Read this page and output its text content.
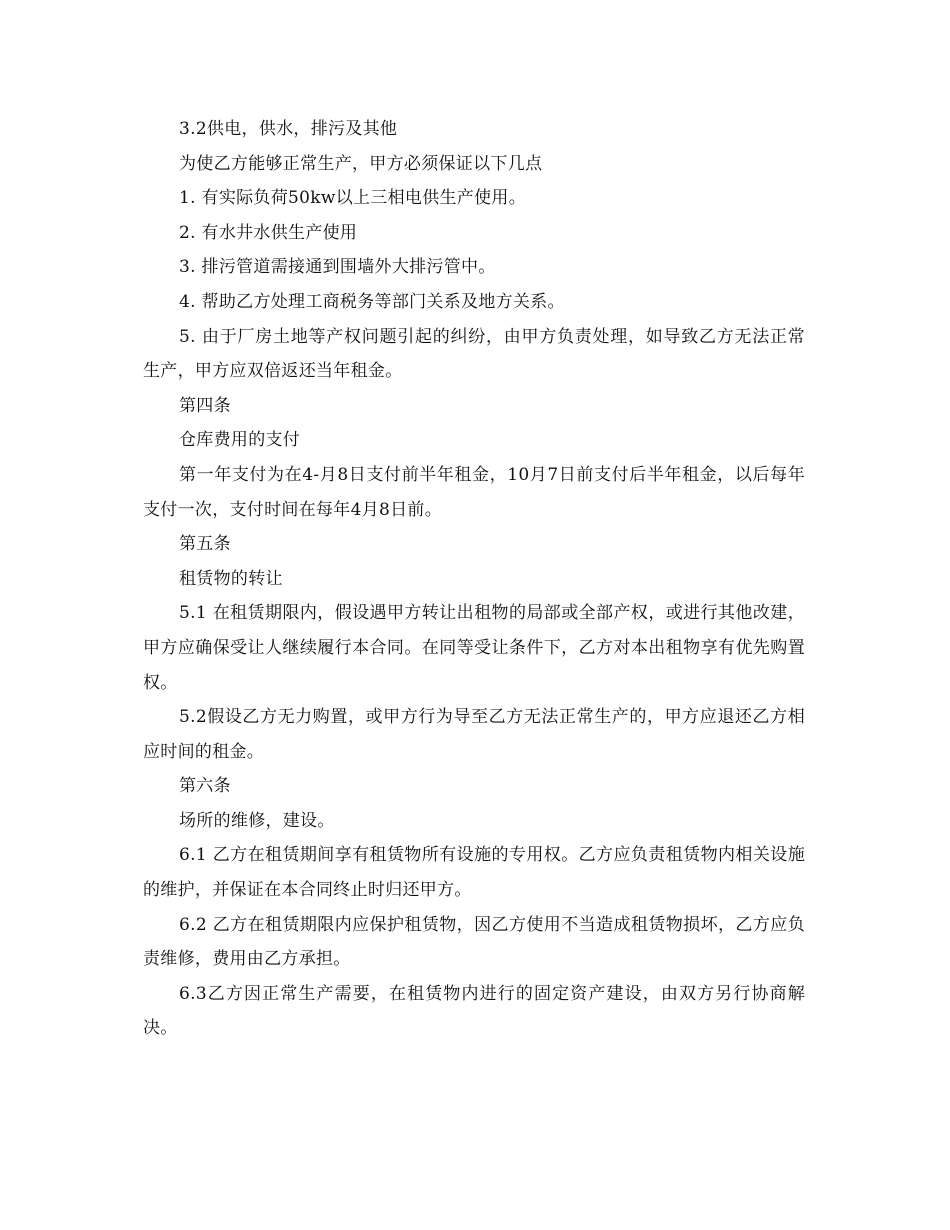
3.2供电，供水，排污及其他

为使乙方能够正常生产，甲方必须保证以下几点

1. 有实际负荷50kw以上三相电供生产使用。

2. 有水井水供生产使用

3. 排污管道需接通到围墙外大排污管中。

4. 帮助乙方处理工商税务等部门关系及地方关系。

5. 由于厂房土地等产权问题引起的纠纷，由甲方负责处理，如导致乙方无法正常生产，甲方应双倍返还当年租金。

第四条

仓库费用的支付

第一年支付为在4-月8日支付前半年租金，10月7日前支付后半年租金，以后每年支付一次，支付时间在每年4月8日前。

第五条

租赁物的转让

5.1 在租赁期限内，假设遇甲方转让出租物的局部或全部产权，或进行其他改建，甲方应确保受让人继续履行本合同。在同等受让条件下，乙方对本出租物享有优先购置权。

5.2假设乙方无力购置，或甲方行为导至乙方无法正常生产的，甲方应退还乙方相应时间的租金。

第六条

场所的维修，建设。

6.1 乙方在租赁期间享有租赁物所有设施的专用权。乙方应负责租赁物内相关设施的维护，并保证在本合同终止时归还甲方。

6.2 乙方在租赁期限内应保护租赁物，因乙方使用不当造成租赁物损坏，乙方应负责维修，费用由乙方承担。

6.3乙方因正常生产需要，在租赁物内进行的固定资产建设，由双方另行协商解决。
